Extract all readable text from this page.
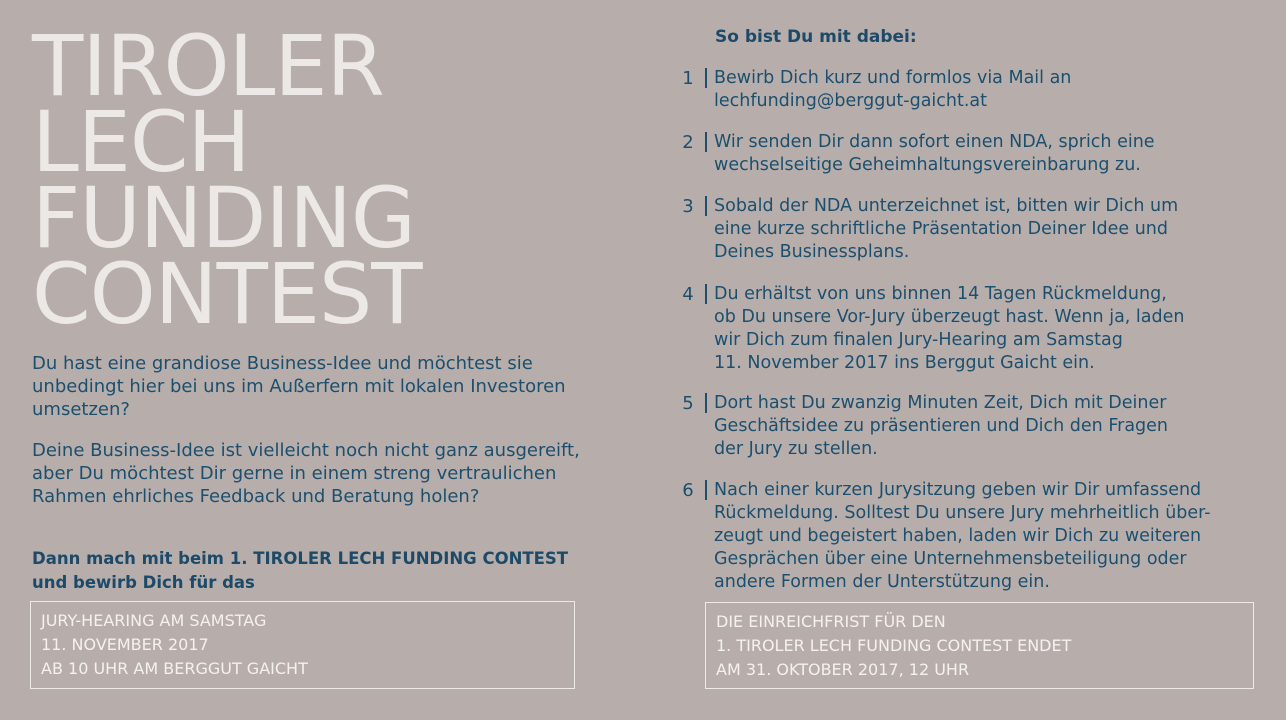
TIROLER
LECH
FUNDING
CONTEST

Du hast eine grandiose Business-Idee und möchtest sie unbedingt hier bei uns im Außerfern mit lokalen Investoren umsetzen?

Deine Business-Idee ist vielleicht noch nicht ganz ausgereift, aber Du möchtest Dir gerne in einem streng vertraulichen Rahmen ehrliches Feedback und Beratung holen?

Dann mach mit beim 1. TIROLER LECH FUNDING CONTEST
und bewirb Dich für das

JURY-HEARING AM SAMSTAG
11. NOVEMBER 2017
AB 10 UHR AM BERGGUT GAICHT
So bist Du mit dabei:
1 Bewirb Dich kurz und formlos via Mail an
lechfunding@berggut-gaicht.at

2 Wir senden Dir dann sofort einen NDA, sprich eine
wechselseitige Geheimhaltungsvereinbarung zu.

3 Sobald der NDA unterzeichnet ist, bitten wir Dich um
eine kurze schriftliche Präsentation Deiner Idee und
Deines Businessplans.

4 Du erhältst von uns binnen 14 Tagen Rückmeldung,
ob Du unsere Vor-Jury überzeugt hast. Wenn ja, laden
wir Dich zum finalen Jury-Hearing am Samstag
11. November 2017 ins Berggut Gaicht ein.

5 Dort hast Du zwanzig Minuten Zeit, Dich mit Deiner
Geschäftsidee zu präsentieren und Dich den Fragen
der Jury zu stellen.

6 Nach einer kurzen Jurysitzung geben wir Dir umfassend
Rückmeldung. Solltest Du unsere Jury mehrheitlich über-
zeugt und begeistert haben, laden wir Dich zu weiteren
Gesprächen über eine Unternehmensbeteiligung oder
andere Formen der Unterstützung ein.

DIE EINREICHFRIST FÜR DEN
1. TIROLER LECH FUNDING CONTEST ENDET
AM 31. OKTOBER 2017, 12 UHR
